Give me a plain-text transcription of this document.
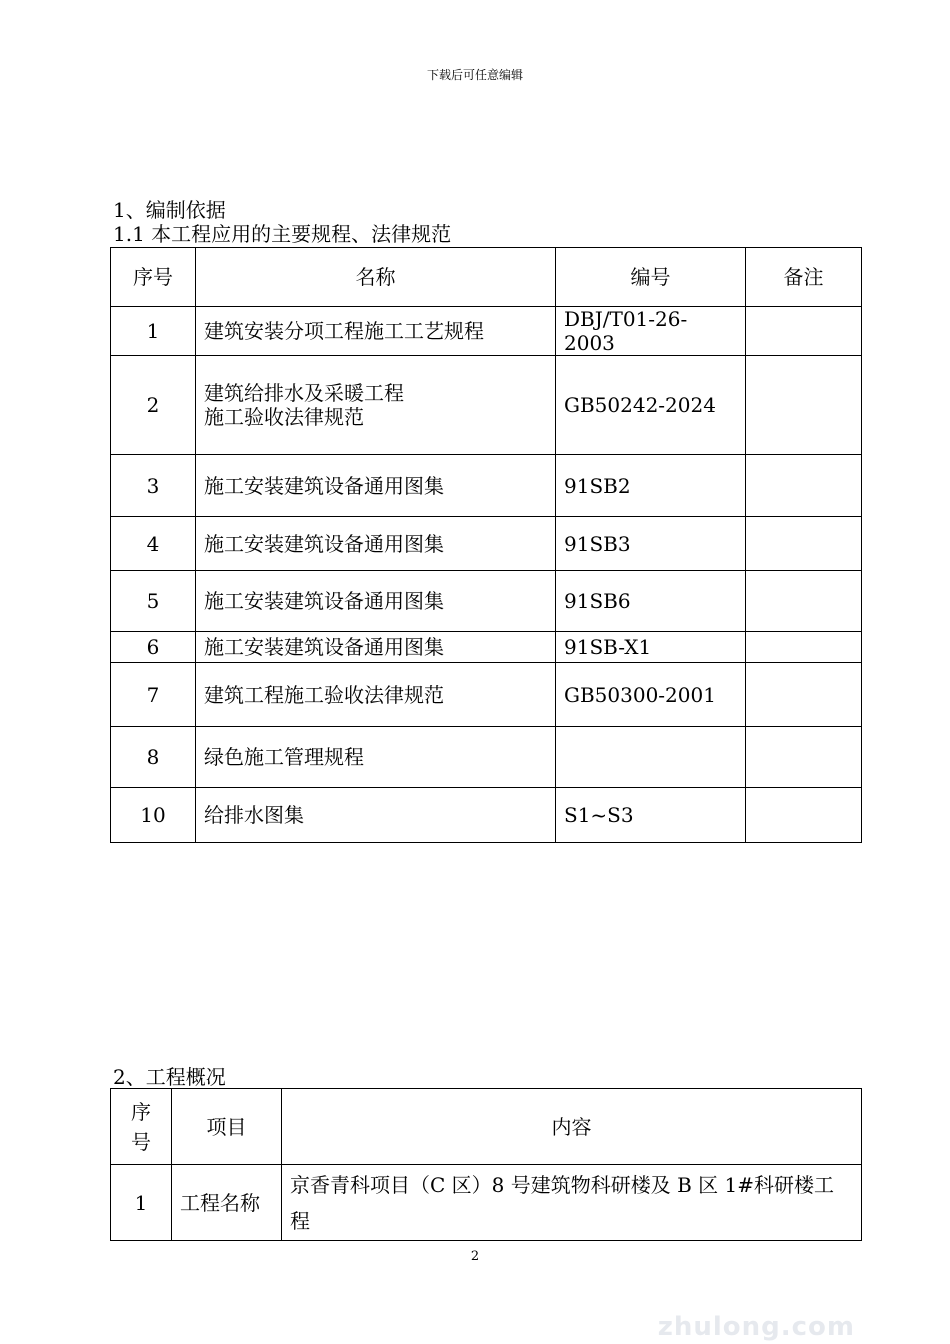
下载后可任意编辑
1、编制依据
1.1 本工程应用的主要规程、法律规范
序号	名称	编号	备注
1	建筑安装分项工程施工工艺规程	DBJ/T01-26-2003	
2	建筑给排水及采暖工程
施工验收法律规范	GB50242-2024	
3	施工安装建筑设备通用图集	91SB2	
4	施工安装建筑设备通用图集	91SB3	
5	施工安装建筑设备通用图集	91SB6	
6	施工安装建筑设备通用图集	91SB-X1	
7	建筑工程施工验收法律规范	GB50300-2001	
8	绿色施工管理规程		
10	给排水图集	S1~S3	
2、工程概况
序
号	项目	内容
1	工程名称	京香青科项目（C 区）8 号建筑物科研楼及 B 区 1#科研楼工程
2
zhulong.com
